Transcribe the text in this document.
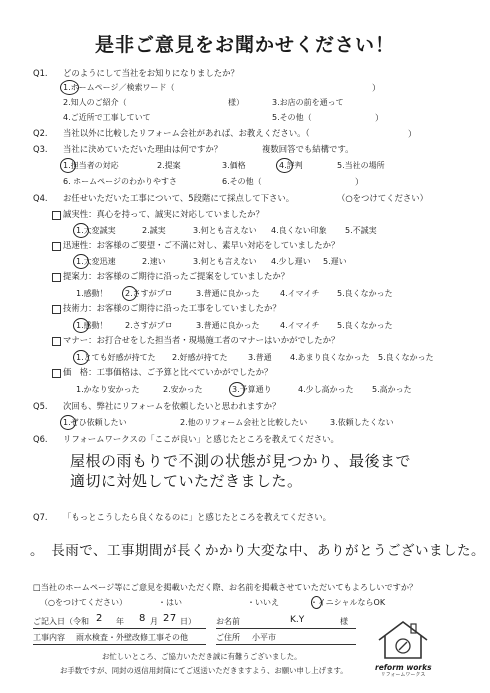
是非ご意見をお聞かせください！
Q1. どのようにして当社をお知りになりましたか？
1.ホームページ／検索ワード（	）
2.知人のご紹介（	様）	3.お店の前を通って
4.ご近所で工事していて	5.その他（	）
Q2. 当社以外に比較したリフォーム会社があれば、お教えください。（	）
Q3. 当社に決めていただいた理由は何ですか？	複数回答でも結構です。
1.担当者の対応	2.提案	3.価格	4.評判	5.当社の場所
6. ホームページのわかりやすさ	6.その他（	）
Q4. お任せいただいた工事について、5段階にて採点して下さい。	（○をつけてください）
誠実性：真心を持って、誠実に対応していましたか？
1.大変誠実	2.誠実	3.何とも言えない 4.良くない印象 5.不誠実
迅速性：お客様のご要望・ご不満に対し、素早い対応をしていましたか？
1.大変迅速	2.速い	3.何とも言えない 4.少し遅い 5.遅い
提案力：お客様のご期待に沿ったご提案をしていましたか？
1.感動！ 2.さすがプロ	3.普通に良かった	4.イマイチ 5.良くなかった
技術力：お客様のご期待に沿った工事をしていましたか？
1.感動！ 2.さすがプロ	3.普通に良かった	4.イマイチ 5.良くなかった
マナー：お打合せをした担当者・現場施工者のマナーはいかがでしたか？
1.とても好感が持てた 2.好感が持てた	3.普通 4.あまり良くなかった 5.良くなかった
価　格：工事価格は、ご予算と比べていかがでしたか？
1.かなり安かった	2.安かった	3.予算通り	4.少し高かった 5.高かった
Q5. 次回も、弊社にリフォームを依頼したいと思われますか？
1.ぜひ依頼したい	2.他のリフォーム会社と比較したい	3.依頼したくない
Q6. リフォームワークスの「ここが良い」と感じたところを教えてください。
屋根の雨もりで不測の状態が見つかり、最後まで
適切に対処していただきました。
Q7. 「もっとこうしたら良くなるのに」と感じたところを教えてください。
。　長雨で、工事期間が長くかかり大変な中、ありがとうございました。
□当社のホームページ等にご意見を掲載いただく際、お名前を掲載させていただいてもよろしいですか？
（○をつけてください）	・はい	・いいえ	・イニシャルならOK
ご記入日（令和 2 年 8 月 27 日）	お名前	K.Y	様
工事内容 雨水検査・外壁改修工事その他	ご住所 小平市
お忙しいところ、ご協力いただき誠に有難うございました。
お手数ですが、同封の返信用封筒にてご返送いただきますよう、お願い申し上げます。	reform works
リフォームワークス
